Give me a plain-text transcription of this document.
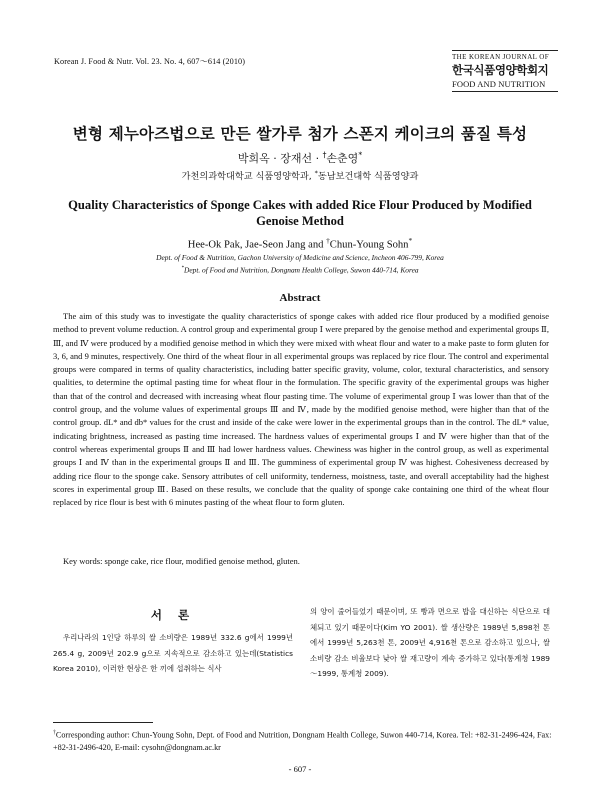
Korean J. Food & Nutr. Vol. 23. No. 4, 607～614 (2010)	THE KOREAN JOURNAL OF
한국식품영양학회지
FOOD AND NUTRITION
변형 제누아즈법으로 만든 쌀가루 첨가 스폰지 케이크의 품질 특성
박희옥 · 장재선 · †손춘영*
가천의과학대학교 식품영양학과, *동남보건대학 식품영양과
Quality Characteristics of Sponge Cakes with added Rice Flour Produced by Modified Genoise Method
Hee-Ok Pak, Jae-Seon Jang and †Chun-Young Sohn*
Dept. of Food & Nutrition, Gachon University of Medicine and Science, Incheon 406-799, Korea
*Dept. of Food and Nutrition, Dongnam Health College, Suwon 440-714, Korea
Abstract

The aim of this study was to investigate the quality characteristics of sponge cakes with added rice flour produced by a modified genoise method to prevent volume reduction. A control group and experimental group Ⅰ were prepared by the genoise method and experimental groups Ⅱ, Ⅲ, and Ⅳ were produced by a modified genoise method in which they were mixed with wheat flour and water to a make paste to form gluten for 3, 6, and 9 minutes, respectively. One third of the wheat flour in all experimental groups was replaced by rice flour. The control and experimental groups were compared in terms of quality characteristics, including batter specific gravity, volume, color, textural characteristics, and sensory qualities, to determine the optimal pasting time for wheat flour in the formulation. The specific gravity of the experimental groups was higher than that of the control and decreased with increasing wheat flour pasting time. The volume of experimental group Ⅰ was lower than that of the control group, and the volume values of experimental groups Ⅲ and Ⅳ, made by the modified genoise method, were higher than that of the control group. dL* and db* values for the crust and inside of the cake were lower in the experimental groups than in the control. The dL* value, indicating brightness, increased as pasting time increased. The hardness values of experimental groups Ⅰ and Ⅳ were higher than that of the control whereas experimental groups Ⅱ and Ⅲ had lower hardness values. Chewiness was higher in the control group, as well as experimental groups Ⅰ and Ⅳ than in the experimental groups Ⅱ and Ⅲ. The gumminess of experimental group Ⅳ was highest. Cohesiveness decreased by adding rice flour to the sponge cake. Sensory attributes of cell uniformity, tenderness, moistness, taste, and overall acceptability had the highest scores in experimental group Ⅲ. Based on these results, we conclude that the quality of sponge cake containing one third of the wheat flour replaced by rice flour is best with 6 minutes pasting of the wheat flour to form gluten.

Key words: sponge cake, rice flour, modified genoise method, gluten.
서 론

우리나라의 1인당 하루의 쌀 소비량은 1989년 332.6 g에서 1999년 265.4 g, 2009년 202.9 g으로 지속적으로 감소하고 있는데(Statistics Korea 2010), 이러한 현상은 한 끼에 섭취하는 식사

의 양이 줄어들었기 때문이며, 또 빵과 면으로 밥을 대신하는 식단으로 대체되고 있기 때문이다(Kim YO 2001). 쌀 생산량은 1989년 5,898천 톤에서 1999년 5,263천 톤, 2009년 4,916천 톤으로 감소하고 있으나, 쌀 소비량 감소 비율보다 낮아 쌀 재고량이 계속 증가하고 있다(통계청 1989～1999, 통계청 2009).

†Corresponding author: Chun-Young Sohn, Dept. of Food and Nutrition, Dongnam Health College, Suwon 440-714, Korea. Tel: +82-31-2496-424, Fax: +82-31-2496-420, E-mail: cysohn@dongnam.ac.kr
- 607 -
